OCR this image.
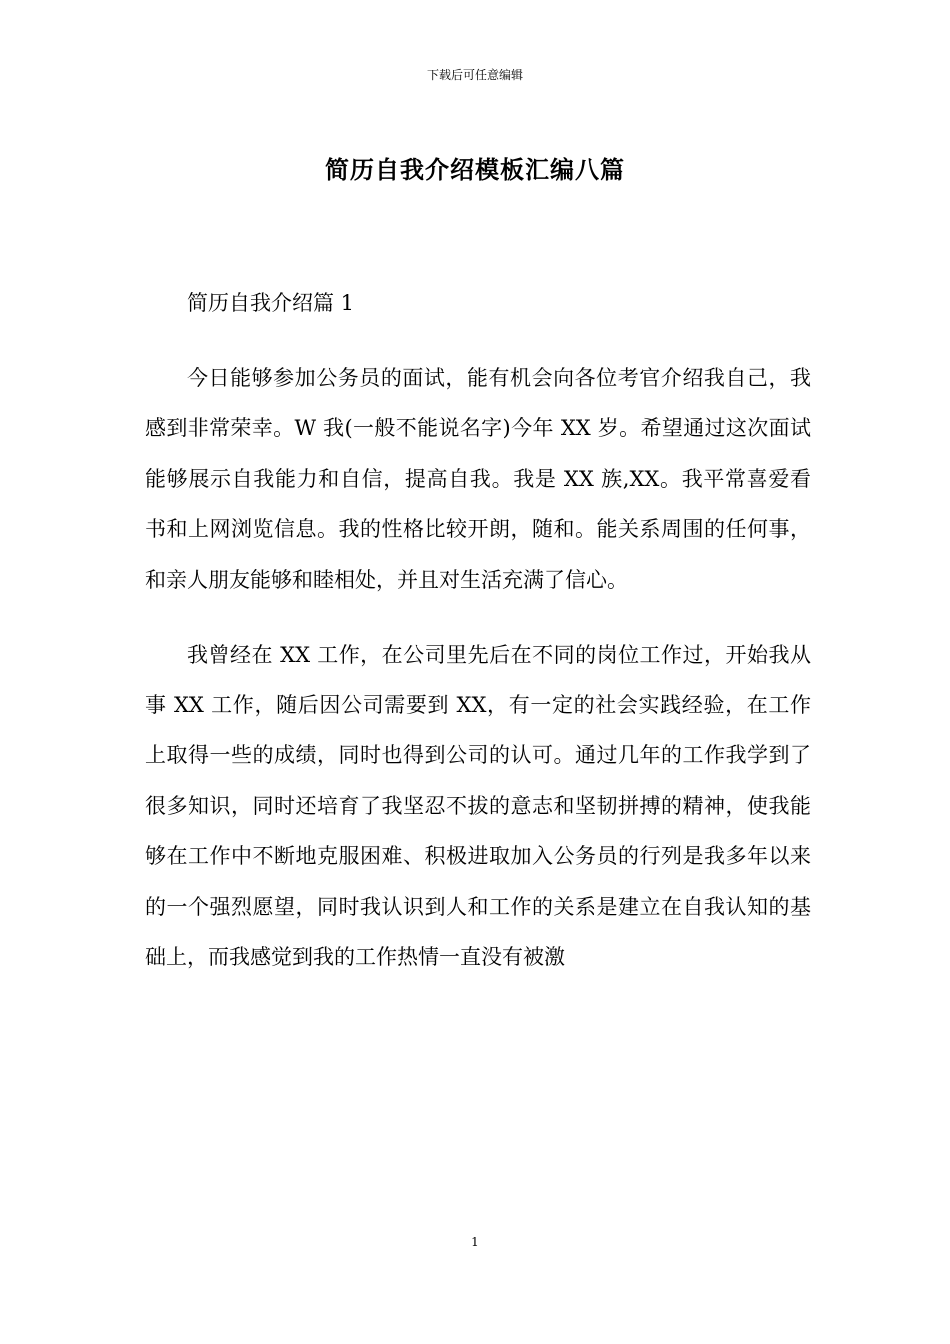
下载后可任意编辑
简历自我介绍模板汇编八篇
简历自我介绍篇 1

今日能够参加公务员的面试，能有机会向各位考官介绍我自己，我感到非常荣幸。W 我(一般不能说名字)今年 XX 岁。希望通过这次面试能够展示自我能力和自信，提高自我。我是 XX 族,XX。我平常喜爱看书和上网浏览信息。我的性格比较开朗，随和。能关系周围的任何事，和亲人朋友能够和睦相处，并且对生活充满了信心。

我曾经在 XX 工作，在公司里先后在不同的岗位工作过，开始我从事 XX 工作，随后因公司需要到 XX，有一定的社会实践经验，在工作上取得一些的成绩，同时也得到公司的认可。通过几年的工作我学到了很多知识，同时还培育了我坚忍不拔的意志和坚韧拼搏的精神，使我能够在工作中不断地克服困难、积极进取加入公务员的行列是我多年以来的一个强烈愿望，同时我认识到人和工作的关系是建立在自我认知的基础上，而我感觉到我的工作热情一直没有被激

1
